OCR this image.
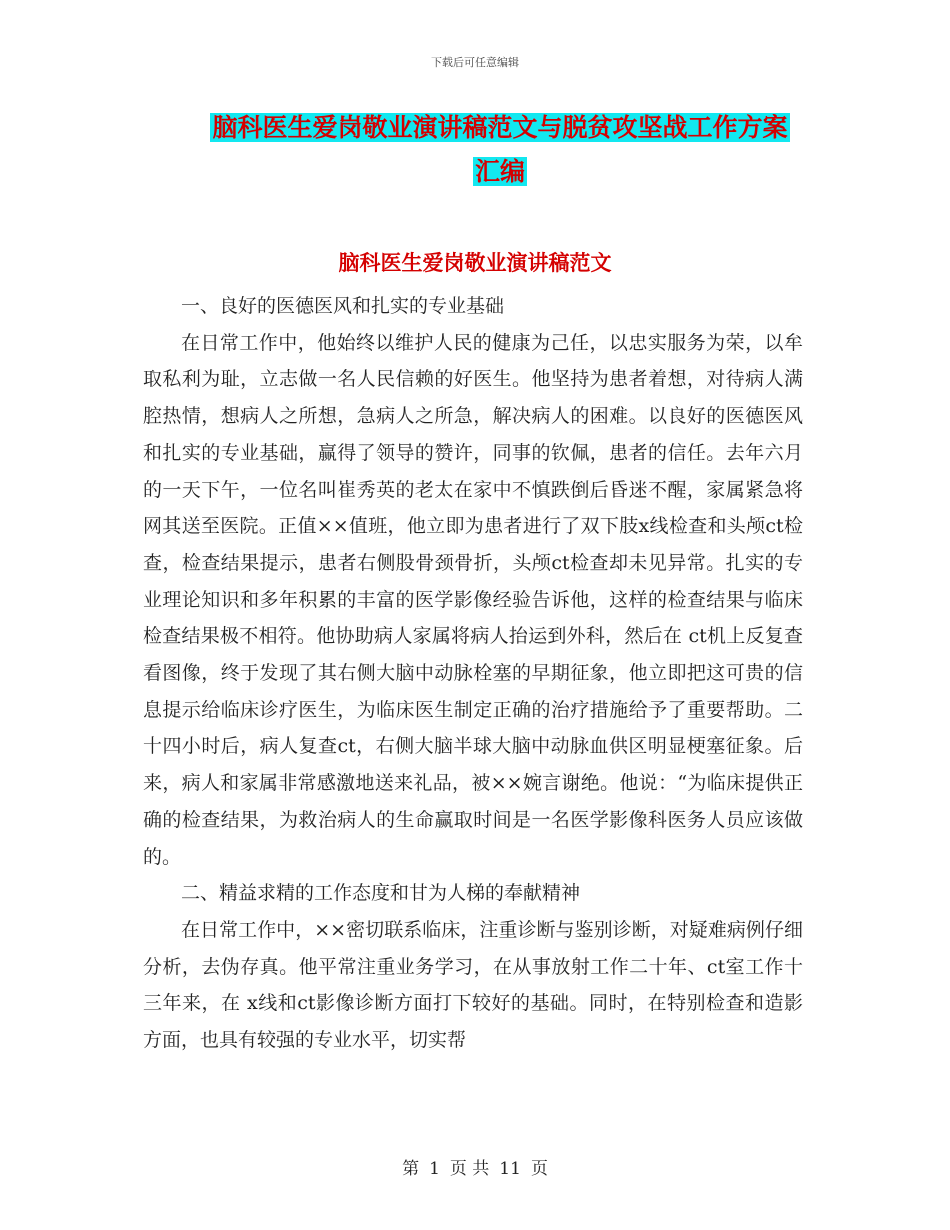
下载后可任意编辑
脑科医生爱岗敬业演讲稿范文与脱贫攻坚战工作方案
汇编
脑科医生爱岗敬业演讲稿范文

一、良好的医德医风和扎实的专业基础

在日常工作中，他始终以维护人民的健康为己任，以忠实服务为荣，以牟取私利为耻，立志做一名人民信赖的好医生。他坚持为患者着想，对待病人满腔热情，想病人之所想，急病人之所急，解决病人的困难。以良好的医德医风和扎实的专业基础，赢得了领导的赞许，同事的钦佩，患者的信任。去年六月的一天下午，一位名叫崔秀英的老太在家中不慎跌倒后昏迷不醒，家属紧急将网其送至医院。正值××值班，他立即为患者进行了双下肢x线检查和头颅ct检查，检查结果提示，患者右侧股骨颈骨折，头颅ct检查却未见异常。扎实的专业理论知识和多年积累的丰富的医学影像经验告诉他，这样的检查结果与临床检查结果极不相符。他协助病人家属将病人抬运到外科，然后在 ct机上反复查看图像，终于发现了其右侧大脑中动脉栓塞的早期征象，他立即把这可贵的信息提示给临床诊疗医生，为临床医生制定正确的治疗措施给予了重要帮助。二十四小时后，病人复查ct，右侧大脑半球大脑中动脉血供区明显梗塞征象。后来，病人和家属非常感激地送来礼品，被××婉言谢绝。他说：“为临床提供正确的检查结果，为救治病人的生命赢取时间是一名医学影像科医务人员应该做的。

二、精益求精的工作态度和甘为人梯的奉献精神

在日常工作中，××密切联系临床，注重诊断与鉴别诊断，对疑难病例仔细分析，去伪存真。他平常注重业务学习，在从事放射工作二十年、ct室工作十三年来，在 x线和ct影像诊断方面打下较好的基础。同时，在特别检查和造影方面，也具有较强的专业水平，切实帮

第 1 页 共 11 页
